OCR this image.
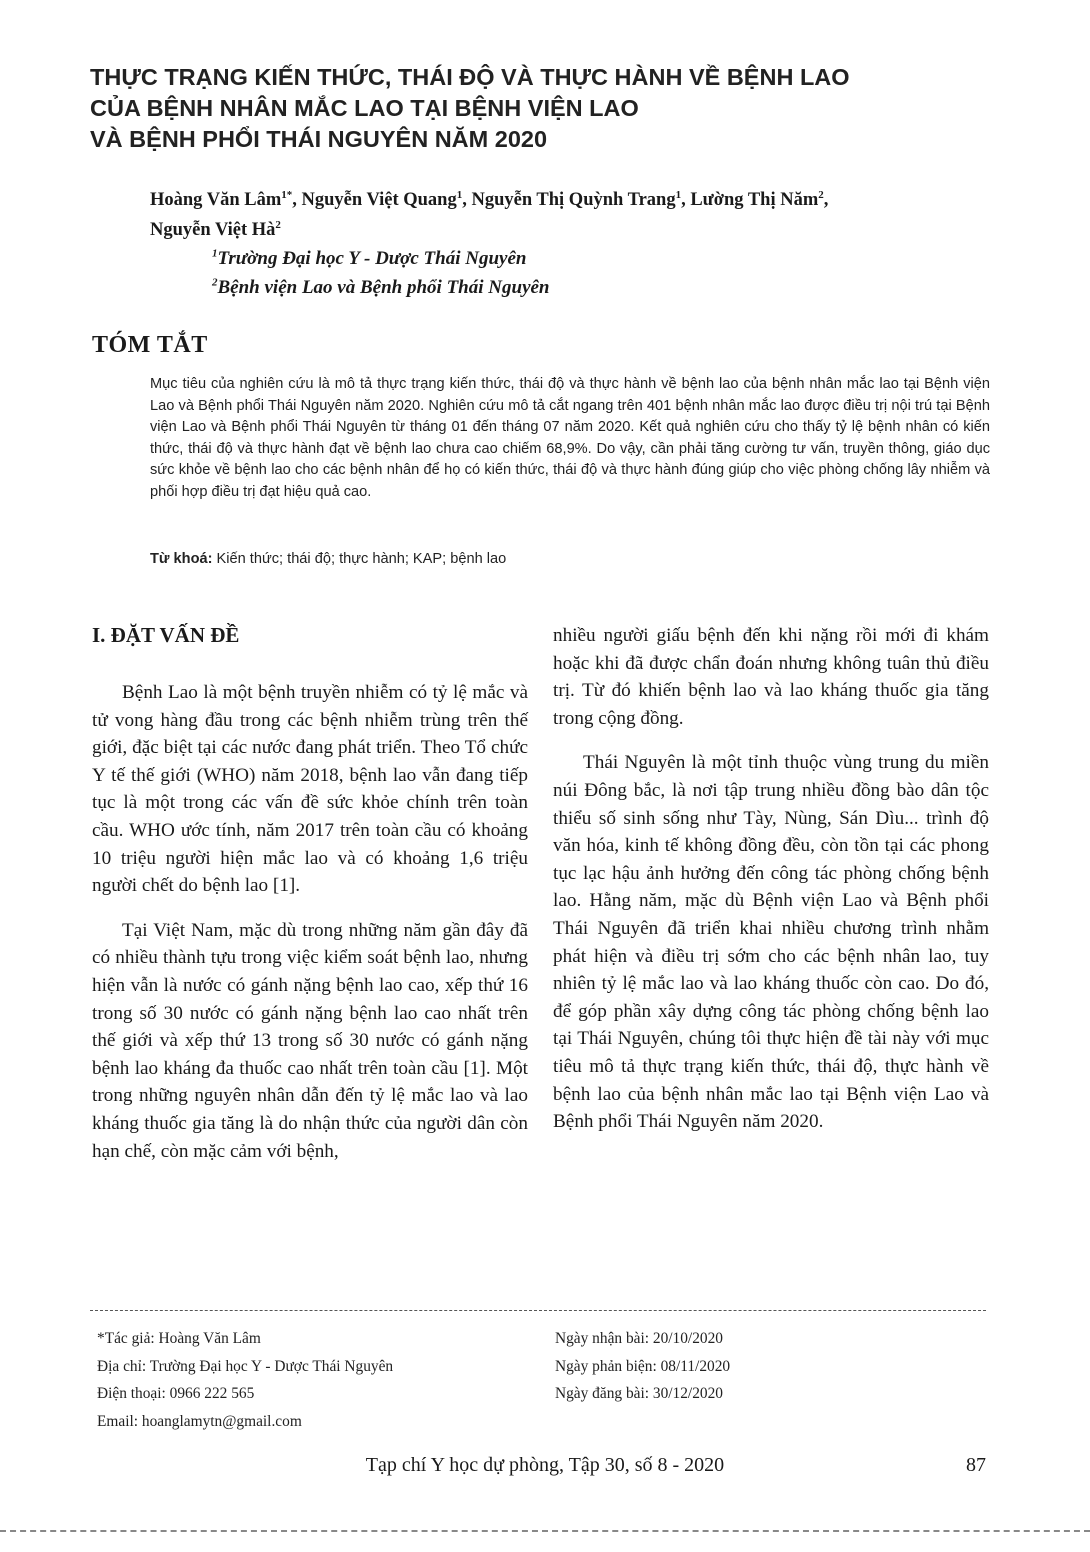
THỰC TRẠNG KIẾN THỨC, THÁI ĐỘ VÀ THỰC HÀNH VỀ BỆNH LAO
CỦA BỆNH NHÂN MẮC LAO TẠI BỆNH VIỆN LAO
VÀ BỆNH PHỔI THÁI NGUYÊN NĂM 2020
Hoàng Văn Lâm$^{1*}$, Nguyễn Việt Quang$^1$, Nguyễn Thị Quỳnh Trang$^1$, Lường Thị Năm$^2$,
Nguyễn Việt $Hà^2$
$^1$Trường Đại học Y - Dược Thái Nguyên
$^2$Bệnh viện Lao và Bệnh phổi Thái Nguyên
TÓM TẮT
Mục tiêu của nghiên cứu là mô tả thực trạng kiến thức, thái độ và thực hành về bệnh lao của bệnh nhân mắc lao tại Bệnh viện Lao và Bệnh phổi Thái Nguyên năm 2020. Nghiên cứu mô tả cắt ngang trên 401 bệnh nhân mắc lao được điều trị nội trú tại Bệnh viện Lao và Bệnh phổi Thái Nguyên từ tháng 01 đến tháng 07 năm 2020. Kết quả nghiên cứu cho thấy tỷ lệ bệnh nhân có kiến thức, thái độ và thực hành đạt về bệnh lao chưa cao chiếm 68,9%. Do vậy, cần phải tăng cường tư vấn, truyền thông, giáo dục sức khỏe về bệnh lao cho các bệnh nhân để họ có kiến thức, thái độ và thực hành đúng giúp cho việc phòng chống lây nhiễm và phối hợp điều trị đạt hiệu quả cao.
Từ khoá: Kiến thức; thái độ; thực hành; KAP; bệnh lao
I. ĐẶT VẤN ĐỀ

Bệnh Lao là một bệnh truyền nhiễm có tỷ lệ mắc và tử vong hàng đầu trong các bệnh nhiễm trùng trên thế giới, đặc biệt tại các nước đang phát triển. Theo Tổ chức Y tế thế giới (WHO) năm 2018, bệnh lao vẫn đang tiếp tục là một trong các vấn đề sức khỏe chính trên toàn cầu. WHO ước tính, năm 2017 trên toàn cầu có khoảng 10 triệu người hiện mắc lao và có khoảng 1,6 triệu người chết do bệnh lao [1].

Tại Việt Nam, mặc dù trong những năm gần đây đã có nhiều thành tựu trong việc kiểm soát bệnh lao, nhưng hiện vẫn là nước có gánh nặng bệnh lao cao, xếp thứ 16 trong số 30 nước có gánh nặng bệnh lao cao nhất trên thế giới và xếp thứ 13 trong số 30 nước có gánh nặng bệnh lao kháng đa thuốc cao nhất trên toàn cầu [1]. Một trong những nguyên nhân dẫn đến tỷ lệ mắc lao và lao kháng thuốc gia tăng là do nhận thức của người dân còn hạn chế, còn mặc cảm với bệnh,

nhiều người giấu bệnh đến khi nặng rồi mới đi khám hoặc khi đã được chẩn đoán nhưng không tuân thủ điều trị. Từ đó khiến bệnh lao và lao kháng thuốc gia tăng trong cộng đồng.

Thái Nguyên là một tỉnh thuộc vùng trung du miền núi Đông bắc, là nơi tập trung nhiều đồng bào dân tộc thiểu số sinh sống như Tày, Nùng, Sán Dìu... trình độ văn hóa, kinh tế không đồng đều, còn tồn tại các phong tục lạc hậu ảnh hưởng đến công tác phòng chống bệnh lao. Hằng năm, mặc dù Bệnh viện Lao và Bệnh phổi Thái Nguyên đã triển khai nhiều chương trình nhằm phát hiện và điều trị sớm cho các bệnh nhân lao, tuy nhiên tỷ lệ mắc lao và lao kháng thuốc còn cao. Do đó, để góp phần xây dựng công tác phòng chống bệnh lao tại Thái Nguyên, chúng tôi thực hiện đề tài này với mục tiêu mô tả thực trạng kiến thức, thái độ, thực hành về bệnh lao của bệnh nhân mắc lao tại Bệnh viện Lao và Bệnh phổi Thái Nguyên năm 2020.

*Tác giả: Hoàng Văn Lâm
Địa chỉ: Trường Đại học Y - Dược Thái Nguyên
Điện thoại: 0966 222 565
Email: hoanglamytn@gmail.com
Ngày nhận bài: 20/10/2020
Ngày phản biện: 08/11/2020
Ngày đăng bài: 30/12/2020
Tạp chí Y học dự phòng, Tập 30, số 8 - 2020	87
